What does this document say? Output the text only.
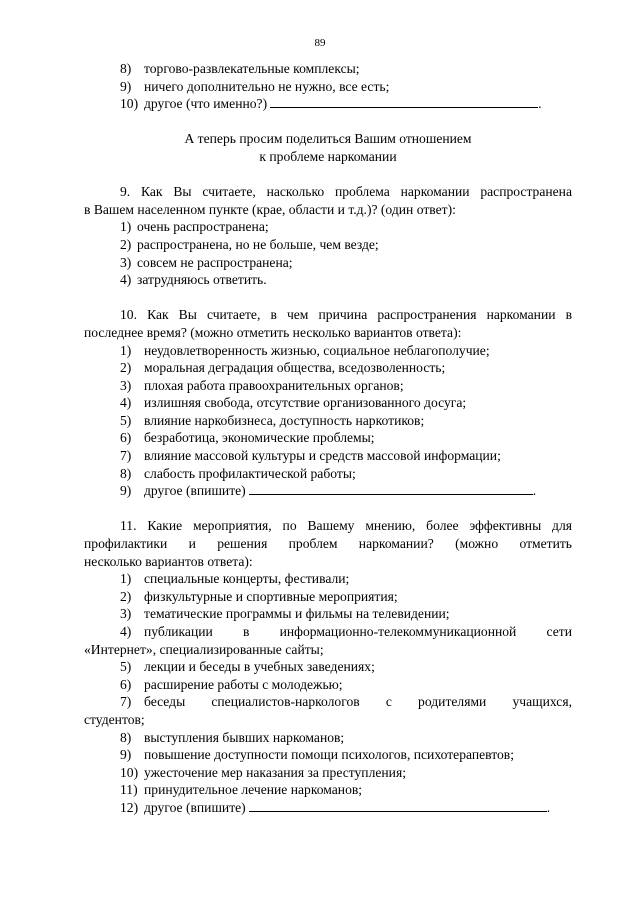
89
8) торгово-развлекательные комплексы;
9) ничего дополнительно не нужно, все есть;
10) другое (что именно?)	.
А теперь просим поделиться Вашим отношением
к проблеме наркомании
9. Как Вы считаете, насколько проблема наркомании распространена
в Вашем населенном пункте (крае, области и т.д.)? (один ответ):
1) очень распространена;
2) распространена, но не больше, чем везде;
3) совсем не распространена;
4) затрудняюсь ответить.
10. Как Вы считаете, в чем причина распространения наркомании в
последнее время? (можно отметить несколько вариантов ответа):
1) неудовлетворенность жизнью, социальное неблагополучие;
2) моральная деградация общества, вседозволенность;
3) плохая работа правоохранительных органов;
4) излишняя свобода, отсутствие организованного досуга;
5) влияние наркобизнеса, доступность наркотиков;
6) безработица, экономические проблемы;
7) влияние массовой культуры и средств массовой информации;
8) слабость профилактической работы;
9) другое (впишите)	.
11. Какие мероприятия, по Вашему мнению, более эффективны для
профилактики и решения проблем наркомании? (можно отметить
несколько вариантов ответа):
1) специальные концерты, фестивали;
2) физкультурные и спортивные мероприятия;
3) тематические программы и фильмы на телевидении;
4) публикации в информационно-телекоммуникационной сети
«Интернет», специализированные сайты;
5) лекции и беседы в учебных заведениях;
6) расширение работы с молодежью;
7) беседы специалистов-наркологов с родителями учащихся,
студентов;
8) выступления бывших наркоманов;
9) повышение доступности помощи психологов, психотерапевтов;
10) ужесточение мер наказания за преступления;
11) принудительное лечение наркоманов;
12) другое (впишите)	.
